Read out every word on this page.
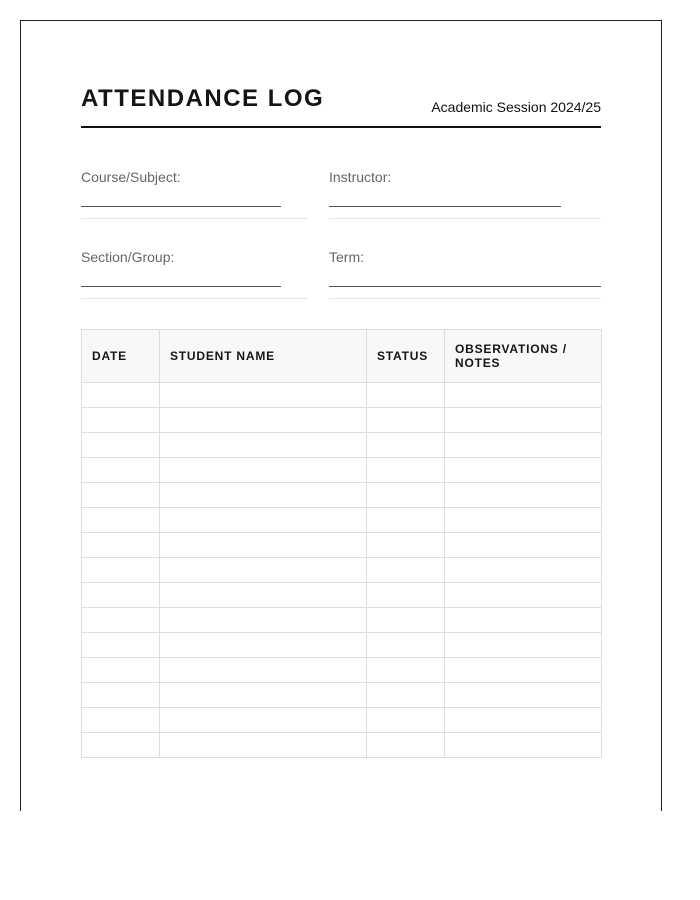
ATTENDANCE LOG	Academic Session 2024/25
Course/Subject:	Instructor:
Section/Group:	Term:
DATE	STUDENT NAME	STATUS	OBSERVATIONS / NOTES
